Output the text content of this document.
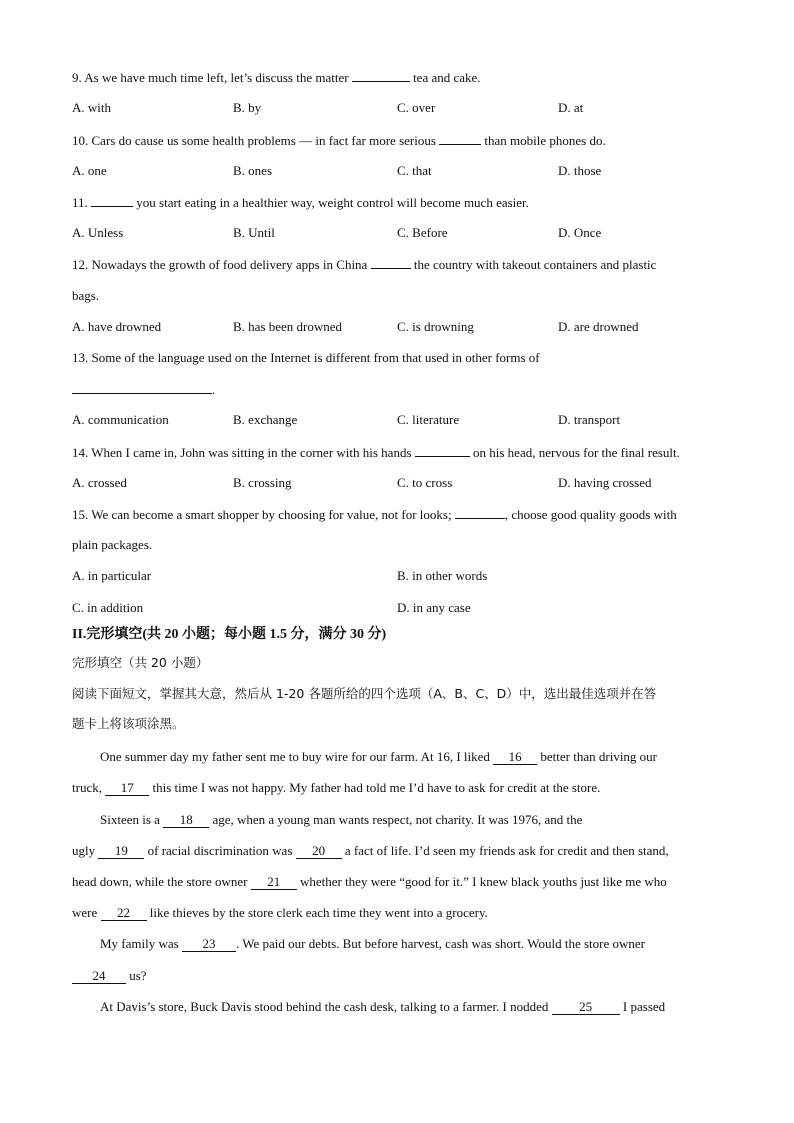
9. As we have much time left, let’s discuss the matter	tea and cake.
A. with	B. by	C. over	D. at
10. Cars do cause us some health problems — in fact far more serious	than mobile phones do.
A. one	B. ones	C. that	D. those
11.	you start eating in a healthier way, weight control will become much easier.
A. Unless	B. Until	C. Before	D. Once
12. Nowadays the growth of food delivery apps in China	the country with takeout containers and plastic
bags.
A. have drowned	B. has been drowned	C. is drowning	D. are drowned
13. Some of the language used on the Internet is different from that used in other forms of
.
A. communication	B. exchange	C. literature	D. transport
14. When I came in, John was sitting in the corner with his hands	on his head, nervous for the final result.
A. crossed	B. crossing	C. to cross	D. having crossed
15. We can become a smart shopper by choosing for value, not for looks;	, choose good quality goods with
plain packages.
A. in particular	B. in other words
C. in addition	D. in any case
II.完形填空(共 20 小题；每小题 1.5 分，满分 30 分)
完形填空（共 20 小题）
阅读下面短文，掌握其大意，然后从 1-20 各题所给的四个选项（A、B、C、D）中，选出最佳选项并在答
题卡上将该项涂黑。
One summer day my father sent me to buy wire for our farm. At 16, I liked 16 better than driving our
truck, 17 this time I was not happy. My father had told me I’d have to ask for credit at the store.
Sixteen is a 18 age, when a young man wants respect, not charity. It was 1976, and the
ugly 19 of racial discrimination was 20 a fact of life. I’d seen my friends ask for credit and then stand,
head down, while the store owner 21 whether they were “good for it.” I knew black youths just like me who
were 22 like thieves by the store clerk each time they went into a grocery.
My family was 23 . We paid our debts. But before harvest, cash was short. Would the store owner
24 us?
At Davis’s store, Buck Davis stood behind the cash desk, talking to a farmer. I nodded 25 I passed
